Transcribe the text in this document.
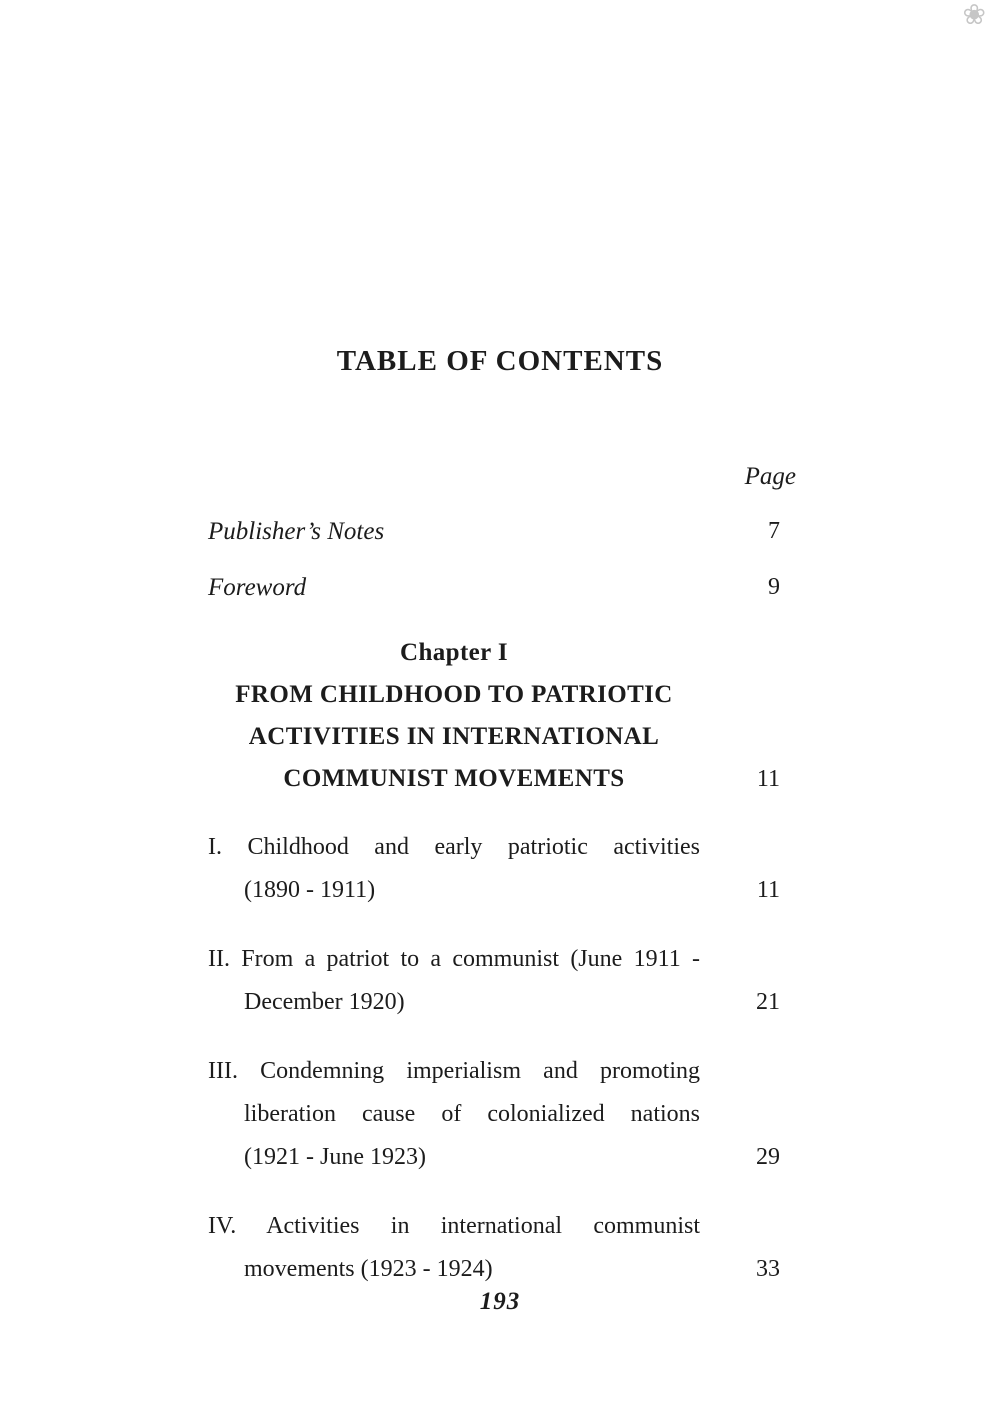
❀
TABLE OF CONTENTS
Page
Publisher’s Notes	7
Foreword	9
Chapter I
FROM CHILDHOOD TO PATRIOTIC
ACTIVITIES IN INTERNATIONAL
COMMUNIST MOVEMENTS	11
I. Childhood and early patriotic activities
(1890 - 1911)	11
II. From a patriot to a communist (June 1911 -
December 1920)	21
III. Condemning imperialism and promoting
liberation cause of colonialized nations
(1921 - June 1923)	29
IV. Activities in international communist
movements (1923 - 1924)	33
193
